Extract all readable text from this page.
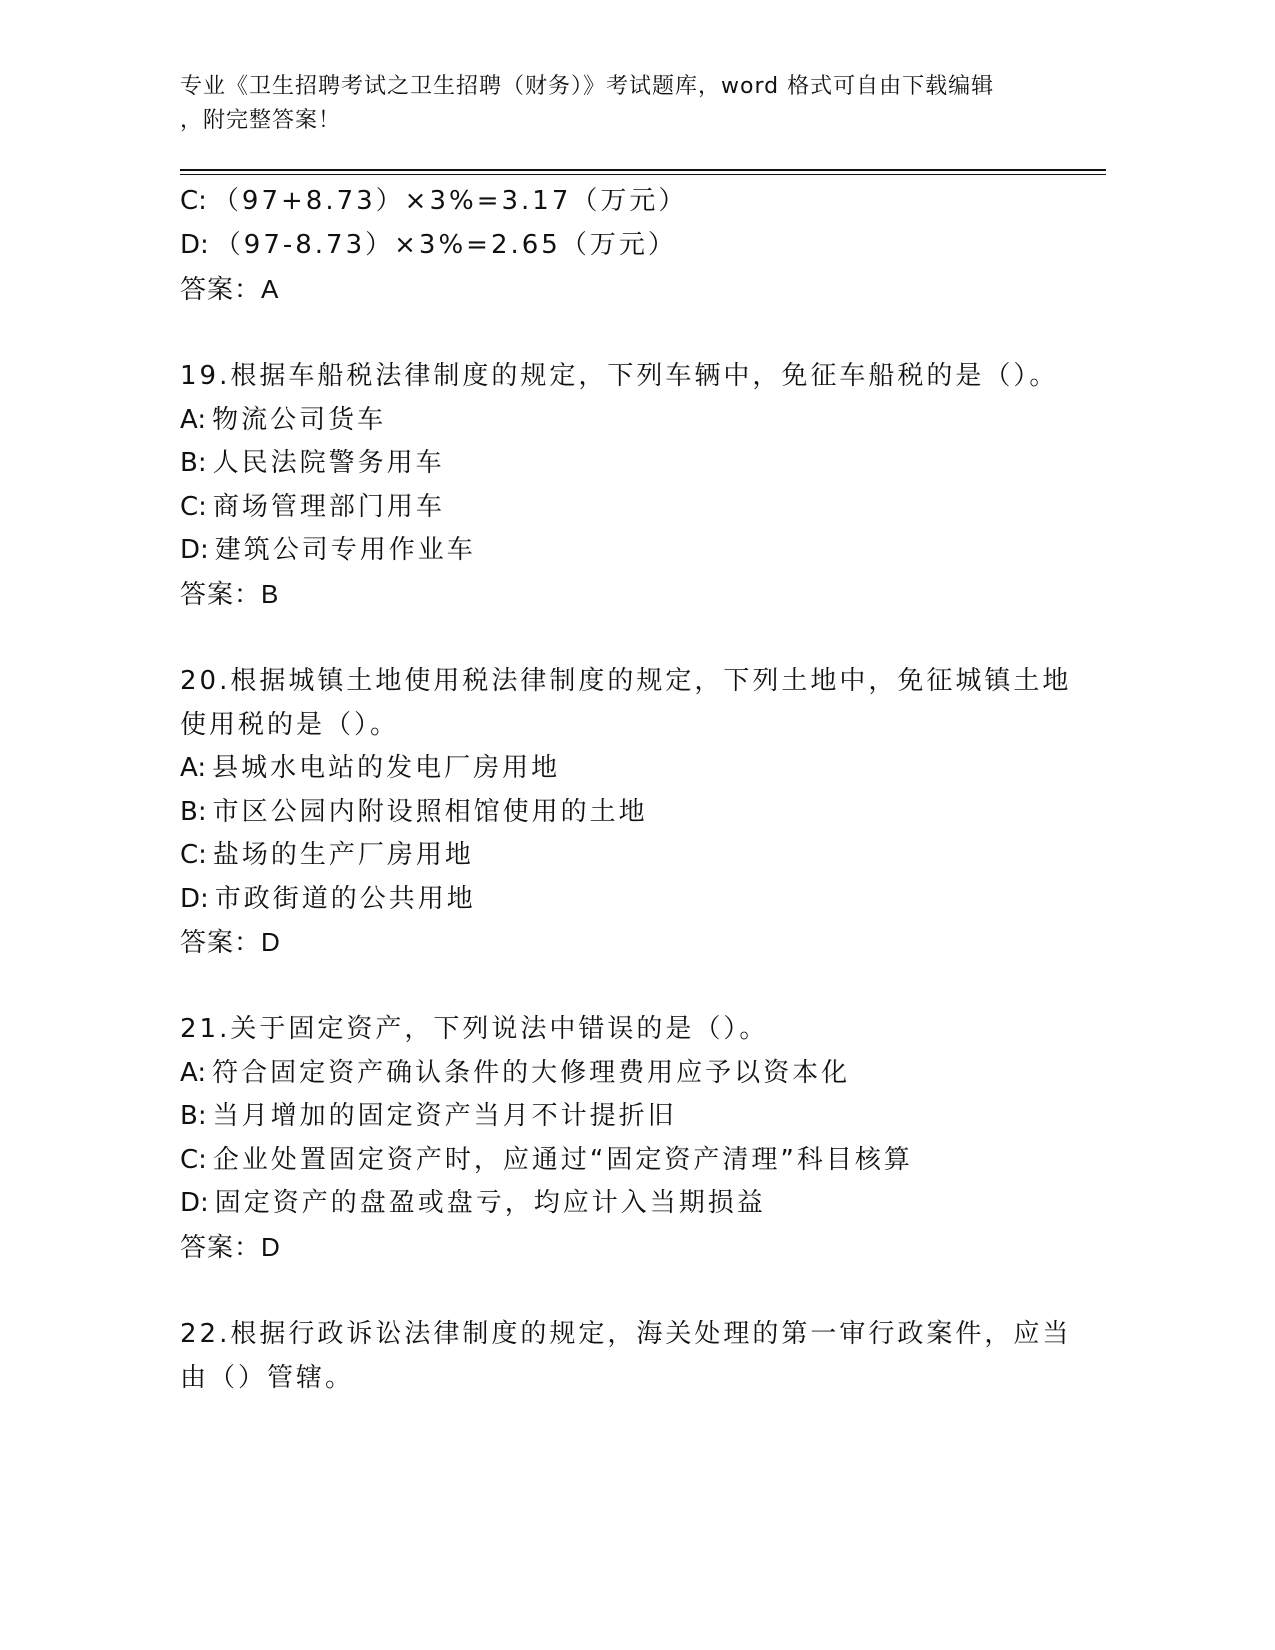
专业《卫生招聘考试之卫生招聘（财务）》考试题库，word 格式可自由下载编辑
，附完整答案！
C: （97+8.73）×3%=3.17（万元）
D: （97-8.73）×3%=2.65（万元）
答案：A
19.根据车船税法律制度的规定，下列车辆中，免征车船税的是（）。
A: 物流公司货车
B: 人民法院警务用车
C: 商场管理部门用车
D: 建筑公司专用作业车
答案：B
20.根据城镇土地使用税法律制度的规定，下列土地中，免征城镇土地
使用税的是（）。
A: 县城水电站的发电厂房用地
B: 市区公园内附设照相馆使用的土地
C: 盐场的生产厂房用地
D: 市政街道的公共用地
答案：D
21.关于固定资产，下列说法中错误的是（）。
A: 符合固定资产确认条件的大修理费用应予以资本化
B: 当月增加的固定资产当月不计提折旧
C: 企业处置固定资产时，应通过“固定资产清理”科目核算
D: 固定资产的盘盈或盘亏，均应计入当期损益
答案：D
22.根据行政诉讼法律制度的规定，海关处理的第一审行政案件，应当
由（）管辖。
